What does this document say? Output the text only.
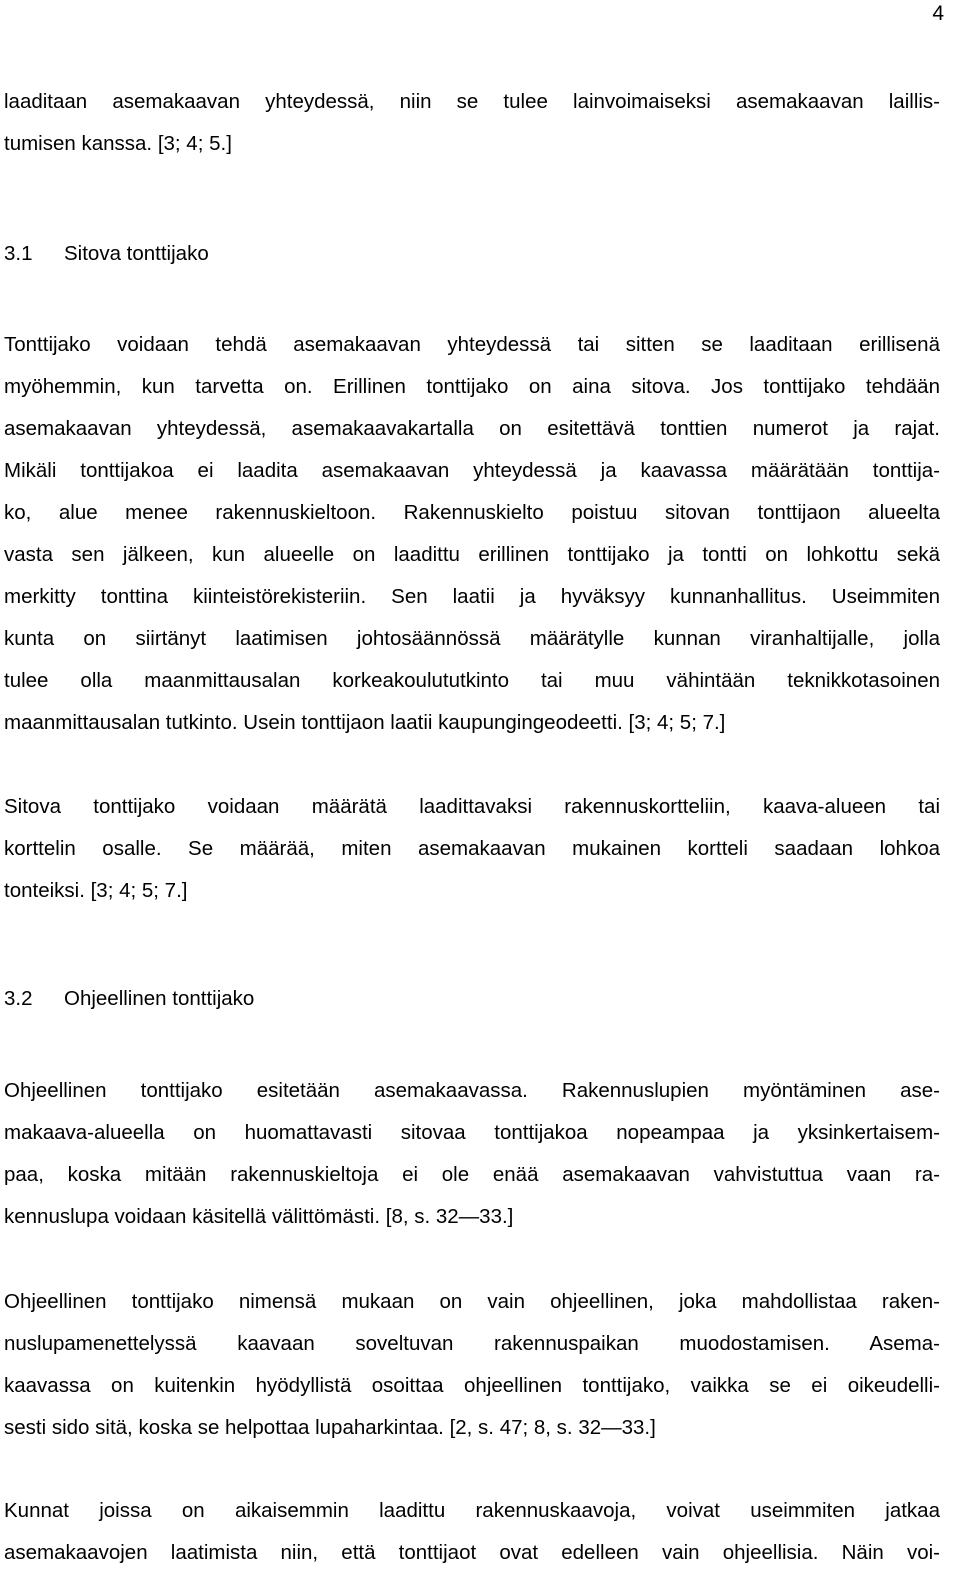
4
laaditaan asemakaavan yhteydessä, niin se tulee lainvoimaiseksi asemakaavan laillis-
tumisen kanssa. [3; 4; 5.]
3.1 Sitova tonttijako
Tonttijako voidaan tehdä asemakaavan yhteydessä tai sitten se laaditaan erillisenä
myöhemmin, kun tarvetta on. Erillinen tonttijako on aina sitova. Jos tonttijako tehdään
asemakaavan yhteydessä, asemakaavakartalla on esitettävä tonttien numerot ja rajat.
Mikäli tonttijakoa ei laadita asemakaavan yhteydessä ja kaavassa määrätään tonttija-
ko, alue menee rakennuskieltoon. Rakennuskielto poistuu sitovan tonttijaon alueelta
vasta sen jälkeen, kun alueelle on laadittu erillinen tonttijako ja tontti on lohkottu sekä
merkitty tonttina kiinteistörekisteriin. Sen laatii ja hyväksyy kunnanhallitus. Useimmiten
kunta on siirtänyt laatimisen johtosäännössä määrätylle kunnan viranhaltijalle, jolla
tulee olla maanmittausalan korkeakoulututkinto tai muu vähintään teknikkotasoinen
maanmittausalan tutkinto. Usein tonttijaon laatii kaupungingeodeetti. [3; 4; 5; 7.]
Sitova tonttijako voidaan määrätä laadittavaksi rakennuskortteliin, kaava-alueen tai
korttelin osalle. Se määrää, miten asemakaavan mukainen kortteli saadaan lohkoa
tonteiksi. [3; 4; 5; 7.]
3.2 Ohjeellinen tonttijako
Ohjeellinen tonttijako esitetään asemakaavassa. Rakennuslupien myöntäminen ase-
makaava-alueella on huomattavasti sitovaa tonttijakoa nopeampaa ja yksinkertaisem-
paa, koska mitään rakennuskieltoja ei ole enää asemakaavan vahvistuttua vaan ra-
kennuslupa voidaan käsitellä välittömästi. [8, s. 32—33.]
Ohjeellinen tonttijako nimensä mukaan on vain ohjeellinen, joka mahdollistaa raken-
nuslupamenettelyssä kaavaan soveltuvan rakennuspaikan muodostamisen. Asema-
kaavassa on kuitenkin hyödyllistä osoittaa ohjeellinen tonttijako, vaikka se ei oikeudelli-
sesti sido sitä, koska se helpottaa lupaharkintaa. [2, s. 47; 8, s. 32—33.]
Kunnat joissa on aikaisemmin laadittu rakennuskaavoja, voivat useimmiten jatkaa
asemakaavojen laatimista niin, että tonttijaot ovat edelleen vain ohjeellisia. Näin voi-
